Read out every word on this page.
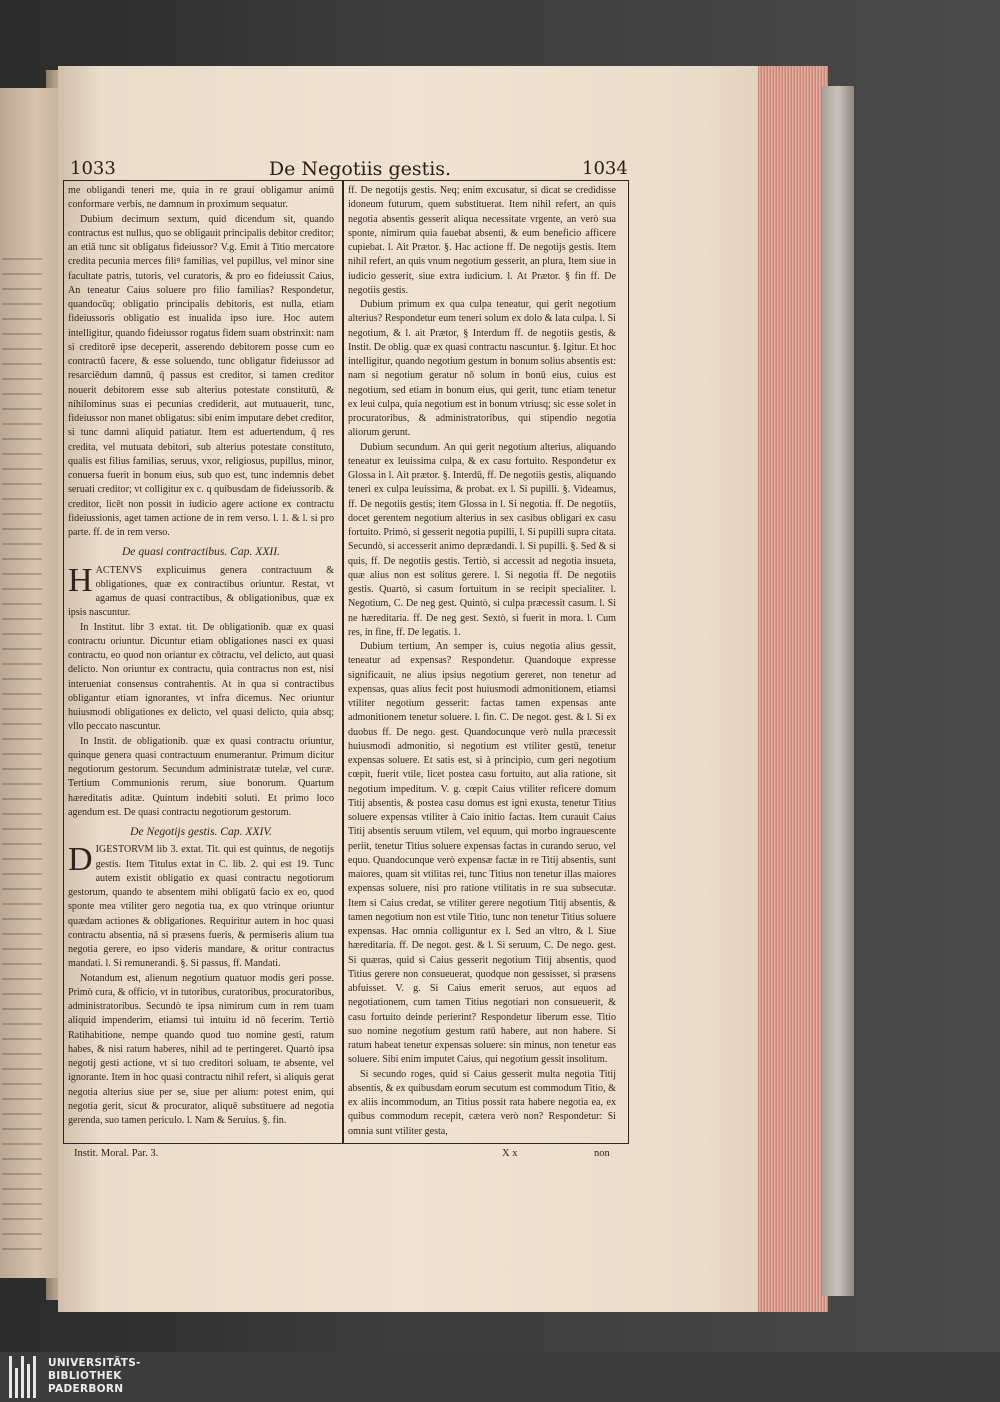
1033	De Negotiis gestis.	1034

me obligandi teneri me, quia in re graui obligamur animū conformare verbis, ne damnum in proximum sequatur.

Dubium decimum sextum, quid dicendum sit, quando contractus est nullus, quo se obligauit principalis debitor creditor; an etiā tunc sit obligatus fideiussor? V.g. Emit à Titio mercatore credita pecunia merces filiꝰ familias, vel pupillus, vel minor sine facultate patris, tutoris, vel curatoris, & pro eo fideiussit Caius, An teneatur Caius soluere pro filio familias? Respondetur, quandocūq; obligatio principalis debitoris, est nulla, etiam fideiussoris obligatio est inualida ipso iure. Hoc autem intelligitur, quando fideiussor rogatus fidem suam obstrinxit: nam si creditorē ipse deceperit, asserendo debitorem posse cum eo contractū facere, & esse soluendo, tunc obligatur fideiussor ad resarciēdum damnū, q̄ passus est creditor, si tamen creditor nouerit debitorem esse sub alterius potestate constitutū, & nihilominus suas ei pecunias crediderit, aut mutuauerit, tunc, fideiussor non manet obligatus: sibi enim imputare debet creditor, si tunc damni aliquid patiatur. Item est aduertendum, q̄ res credita, vel mutuata debitori, sub alterius potestate constituto, qualis est filius familias, seruus, vxor, religiosus, pupillus, minor, conuersa fuerit in bonum eius, sub quo est, tunc indemnis debet seruati creditor; vt colligitur ex c. q quibusdam de fideiussorib. & creditor, licēt non possit in iudicio agere actione ex contractu fideiussionis, aget tamen actione de in rem verso. l. 1. & l. si pro parte. ff. de in rem verso.

De quasi contractibus. Cap. XXII.

HACTENVS explicuimus genera contractuum & obligationes, quæ ex contractibus oriuntur. Restat, vt agamus de quasi contractibus, & obligationibus, quæ ex ipsis nascuntur.

In Institut. libr 3 extat. tit. De obligationib. quæ ex quasi contractu oriuntur. Dicuntur etiam obligationes nasci ex quasi contractu, eo quod non oriantur ex cōtractu, vel delicto, aut quasi delicto. Non oriuntur ex contractu, quia contractus non est, nisi interueniat consensus contrahentis. At in qua si contractibus obligantur etiam ignorantes, vt infra dicemus. Nec oriuntur huiusmodi obligationes ex delicto, vel quasi delicto, quia absq; vllo peccato nascuntur.

In Instit. de obligationib. quæ ex quasi contractu oriuntur, quinque genera quasi contractuum enumerantur. Primum dicitur negotiorum gestorum. Secundum administratæ tutelæ, vel curæ. Tertium Communionis rerum, siue bonorum. Quartum hæreditatis aditæ. Quintum indebiti soluti. Et primo loco agendum est. De quasi contractu negotiorum gestorum.

De Negotijs gestis. Cap. XXIV.

DIGESTORVM lib 3. extat. Tit. qui est quintus, de negotijs gestis. Item Titulus extat in C. lib. 2. qui est 19. Tunc autem existit obligatio ex quasi contractu negotiorum gestorum, quando te absentem mihi obligatū facio ex eo, quod sponte mea vtiliter gero negotia tua, ex quo vtrinque oriuntur quædam actiones & obligationes. Requiritur autem in hoc quasi contractu absentia, nā si præsens fueris, & permiseris alium tua negotia gerere, eo ipso videris mandare, & oritur contractus mandati. l. Si remunerandi. §. Si passus, ff. Mandati.

Notandum est, alienum negotium quatuor modis geri posse. Primò cura, & officio, vt in tutoribus, curatoribus, procuratoribus, administratoribus. Secundò te ipsa nimirum cum in rem tuam aliquid impenderim, etiamsi tui intuitu id nō fecerim. Tertiò Ratihabitione, nempe quando quod tuo nomine gesti, ratum habes, & nisi ratum haberes, nihil ad te pertingeret. Quartò ipsa negotij gesti actione, vt si tuo creditori soluam, te absente, vel ignorante. Item in hoc quasi contractu nihil refert, si aliquis gerat negotia alterius siue per se, siue per alium: potest enim, qui negotia gerit, sicut & procurator, aliquē substituere ad negotia gerenda, suo tamen periculo. l. Nam & Seruius. §. fin.

ff. De negotijs gestis. Neq; enim excusatur, si dicat se credidisse idoneum futurum, quem substituerat. Item nihil refert, an quis negotia absentis gesserit aliqua necessitate vrgente, an verò sua sponte, nimirum quia fauebat absenti, & eum beneficio afficere cupiebat. l. Ait Prætor. §. Hac actione ff. De negotijs gestis. Item nihil refert, an quis vnum negotium gesserit, an plura, Item siue in iudicio gesserit, siue extra iudicium. l. At Prætor. § fin ff. De negotiis gestis.

Dubium primum ex qua culpa teneatur, qui gerit negotium alterius? Respondetur eum teneri solum ex dolo & lata culpa. l. Si negotium, & l. ait Prætor, § Interdum ff. de negotiis gestis, & Instit. De oblig. quæ ex quasi contractu nascuntur. §. Igitur. Et hoc intelligitur, quando negotium gestum in bonum solius absentis est: nam si negotium geratur nō solum in bonū eius, cuius est negotium, sed etiam in bonum eius, qui gerit, tunc etiam tenetur ex leui culpa, quia negotium est in bonum vtriusq; sic esse solet in procuratoribus, & administratoribus, qui stipendio negotia aliorum gerunt.

Dubium secundum. An qui gerit negotium alterius, aliquando teneatur ex leuissima culpa, & ex casu fortuito. Respondetur ex Glossa in l. Ait prætor. §. Interdū, ff. De negotiis gestis, aliquando teneri ex culpa leuissima, & probat. ex l. Si pupilli. §. Videamus, ff. De negotiis gestis; item Glossa in l. Si negotia. ff. De negotiis, docet gerentem negotium alterius in sex casibus obligari ex casu fortuito. Primò, si gesserit negotia pupilli, l. Si pupilli supra citata. Secundò, si accesserit animo deprædandi. l. Si pupilli. §. Sed & si quis, ff. De negotiis gestis. Tertiò, si accessit ad negotia insueta, quæ alius non est solitus gerere. l. Si negotia ff. De negotiis gestis. Quartò, si casum fortuitum in se recipit specialiter. l. Negotium, C. De neg gest. Quintò, si culpa præcessit casum. l. Si ne hæreditaria. ff. De neg gest. Sextò, si fuerit in mora. l. Cum res, in fine, ff. De legatis. 1.

Dubium tertium, An semper is, cuius negotia alius gessit, teneatur ad expensas? Respondetur. Quandoque expresse significauit, ne alius ipsius negotium gereret, non tenetur ad expensas, quas alius fecit post huiusmodi admonitionem, etiamsi vtiliter negotium gesserit: factas tamen expensas ante admonitionem tenetur soluere. l. fin. C. De negot. gest. & l. Si ex duobus ff. De nego. gest. Quandocunque verò nulla præcessit huiusmodi admonitio, si negotium est vtiliter gestū, tenetur expensas soluere. Et satis est, si à principio, cum geri negotium cœpit, fuerit vtile, licet postea casu fortuito, aut alia ratione, sit negotium impeditum. V. g. cœpit Caius vtiliter reficere domum Titij absentis, & postea casu domus est igni exusta, tenetur Titius soluere expensas vtiliter à Caio initio factas. Item curauit Caius Titij absentis seruum vtilem, vel equum, qui morbo ingrauescente periit, tenetur Titius soluere expensas factas in curando seruo, vel equo. Quandocunque verò expensæ factæ in re Titij absentis, sunt maiores, quam sit vtilitas rei, tunc Titius non tenetur illas maiores expensas soluere, nisi pro ratione vtilitatis in re sua subsecutæ. Item si Caius credat, se vtiliter gerere negotium Titij absentis, & tamen negotium non est vtile Titio, tunc non tenetur Titius soluere expensas. Hac omnia colliguntur ex l. Sed an vltro, & l. Siue hæreditaria. ff. De negot. gest. & l. Si seruum, C. De nego. gest. Si quæras, quid si Caius gesserit negotium Titij absentis, quod Titius gerere non consueuerat, quodque non gessisset, si præsens abfuisset. V. g. Si Caius emerit seruos, aut equos ad negotiationem, cum tamen Titius negotiari non consueuerit, & casu fortuito deinde perierint? Respondetur liberum esse. Titio suo nomine negotium gestum ratū habere, aut non habere. Si ratum habeat tenetur expensas soluere: sin minus, non tenetur eas soluere. Sibi enim imputet Caius, qui negotium gessit insolitum.

Si secundo roges, quid si Caius gesserit multa negotia Titij absentis, & ex quibusdam eorum secutum est commodum Titio, & ex aliis incommodum, an Titius possit rata habere negotia ea, ex quibus commodum recepit, cætera verò non? Respondetur: Si omnia sunt vtiliter gesta,

Instit. Moral. Par. 3.	X x	non
UNIVERSITÄTS-
BIBLIOTHEK
PADERBORN
